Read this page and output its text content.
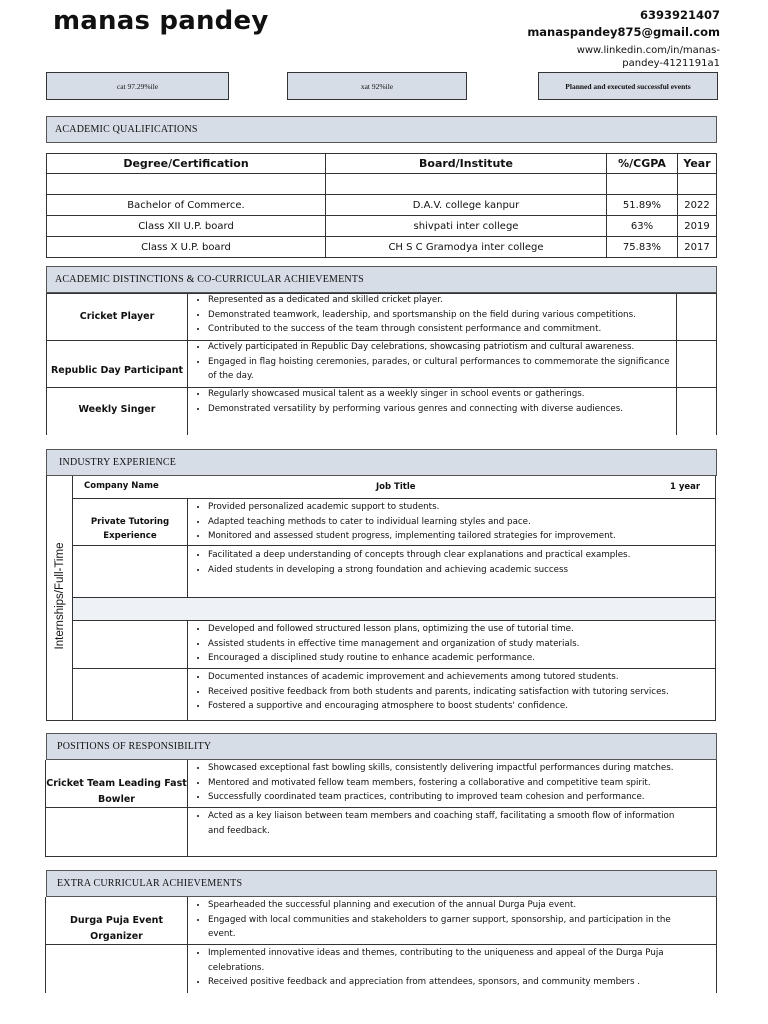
manas pandey	6393921407
manaspandey875@gmail.com
www.linkedin.com/in/manas-
pandey-4121191a1
cat 97.29%ile	xat 92%ile	Planned and executed successful events
ACADEMIC QUALIFICATIONS
Degree/Certification	Board/Institute	%/CGPA	Year

Bachelor of Commerce.	D.A.V. college kanpur	51.89%	2022
Class XII U.P. board	shivpati inter college	63%	2019
Class X U.P. board	CH S C Gramodya inter college	75.83%	2017
ACADEMIC DISTINCTIONS & CO-CURRICULAR ACHIEVEMENTS
Cricket Player
• Represented as a dedicated and skilled cricket player.
• Demonstrated teamwork, leadership, and sportsmanship on the field during various competitions.
• Contributed to the success of the team through consistent performance and commitment.
Republic Day Participant
• Actively participated in Republic Day celebrations, showcasing patriotism and cultural awareness.
• Engaged in flag hoisting ceremonies, parades, or cultural performances to commemorate the significance of the day.
Weekly Singer
• Regularly showcased musical talent as a weekly singer in school events or gatherings.
• Demonstrated versatility by performing various genres and connecting with diverse audiences.
INDUSTRY EXPERIENCE
Internships/Full-Time
Company Name	Job Title	1 year
Private Tutoring Experience
• Provided personalized academic support to students.
• Adapted teaching methods to cater to individual learning styles and pace.
• Monitored and assessed student progress, implementing tailored strategies for improvement.
• Facilitated a deep understanding of concepts through clear explanations and practical examples.
• Aided students in developing a strong foundation and achieving academic success
• Developed and followed structured lesson plans, optimizing the use of tutorial time.
• Assisted students in effective time management and organization of study materials.
• Encouraged a disciplined study routine to enhance academic performance.
• Documented instances of academic improvement and achievements among tutored students.
• Received positive feedback from both students and parents, indicating satisfaction with tutoring services.
• Fostered a supportive and encouraging atmosphere to boost students' confidence.
POSITIONS OF RESPONSIBILITY
Cricket Team Leading Fast Bowler
• Showcased exceptional fast bowling skills, consistently delivering impactful performances during matches.
• Mentored and motivated fellow team members, fostering a collaborative and competitive team spirit.
• Successfully coordinated team practices, contributing to improved team cohesion and performance.
• Acted as a key liaison between team members and coaching staff, facilitating a smooth flow of information and feedback.
EXTRA CURRICULAR ACHIEVEMENTS
Durga Puja Event Organizer
• Spearheaded the successful planning and execution of the annual Durga Puja event.
• Engaged with local communities and stakeholders to garner support, sponsorship, and participation in the event.
• Implemented innovative ideas and themes, contributing to the uniqueness and appeal of the Durga Puja celebrations.
• Received positive feedback and appreciation from attendees, sponsors, and community members .
